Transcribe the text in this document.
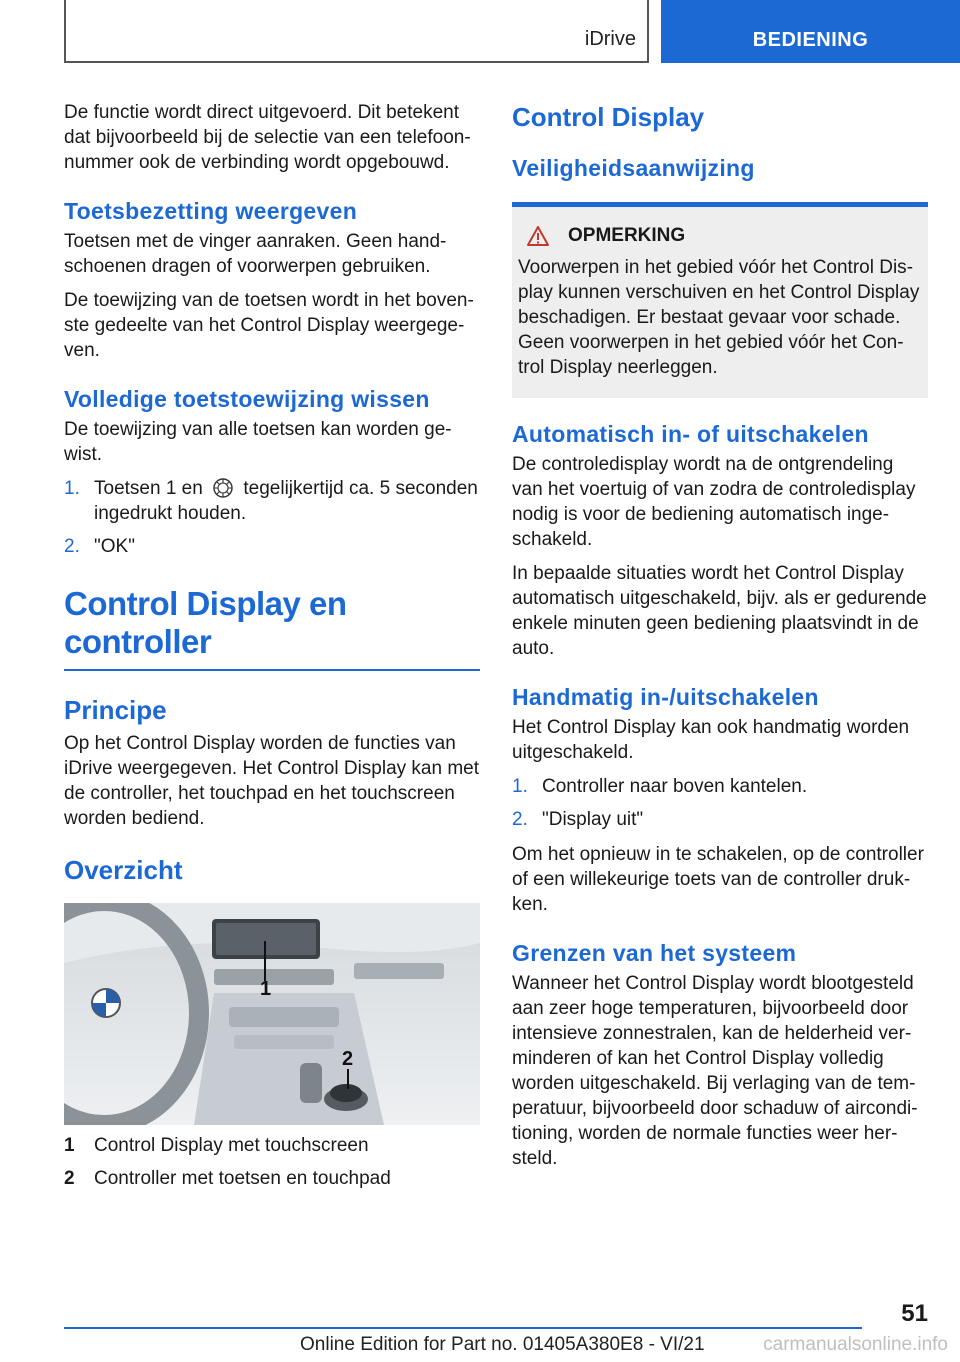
iDrive	BEDIENING

De functie wordt direct uitgevoerd. Dit betekent dat bijvoorbeeld bij de selectie van een telefoonnummer ook de verbinding wordt opgebouwd.

Toetsbezetting weergeven

Toetsen met de vinger aanraken. Geen handschoenen dragen of voorwerpen gebruiken.

De toewijzing van de toetsen wordt in het bovenste gedeelte van het Control Display weergegeven.

Volledige toetstoewijzing wissen

De toewijzing van alle toetsen kan worden gewist.

1. Toetsen 1 en tegelijkertijd ca. 5 seconden ingedrukt houden.
2. "OK"
Control Display en controller
Principe

Op het Control Display worden de functies van iDrive weergegeven. Het Control Display kan met de controller, het touchpad en het touchscreen worden bediend.

Overzicht
1
2
1	Control Display met touchscreen
2	Controller met toetsen en touchpad
Control Display
Veiligheidsaanwijzing
OPMERKING

Voorwerpen in het gebied vóór het Control Display kunnen verschuiven en het Control Display beschadigen. Er bestaat gevaar voor schade. Geen voorwerpen in het gebied vóór het Control Display neerleggen.

Automatisch in- of uitschakelen

De controledisplay wordt na de ontgrendeling van het voertuig of van zodra de controledisplay nodig is voor de bediening automatisch ingeschakeld.

In bepaalde situaties wordt het Control Display automatisch uitgeschakeld, bijv. als er gedurende enkele minuten geen bediening plaatsvindt in de auto.

Handmatig in-/uitschakelen

Het Control Display kan ook handmatig worden uitgeschakeld.

1. Controller naar boven kantelen.
2. "Display uit"

Om het opnieuw in te schakelen, op de controller of een willekeurige toets van de controller drukken.

Grenzen van het systeem

Wanneer het Control Display wordt blootgesteld aan zeer hoge temperaturen, bijvoorbeeld door intensieve zonnestralen, kan de helderheid verminderen of kan het Control Display volledig worden uitgeschakeld. Bij verlaging van de temperatuur, bijvoorbeeld door schaduw of airconditioning, worden de normale functies weer hersteld.

51
Online Edition for Part no. 01405A380E8 - VI/21	carmanualsonline.info
